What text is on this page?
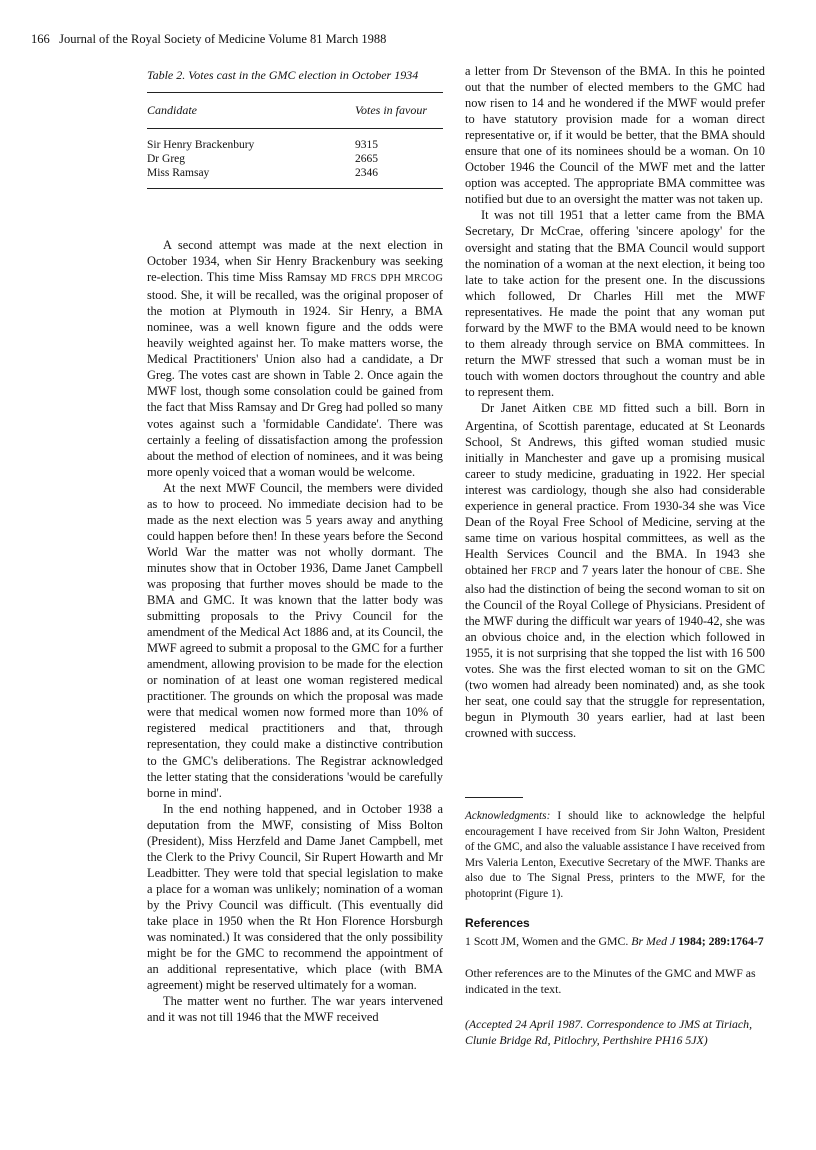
166 Journal of the Royal Society of Medicine Volume 81 March 1988
Table 2. Votes cast in the GMC election in October 1934
Candidate	Votes in favour
Sir Henry Brackenbury	9315
Dr Greg	2665
Miss Ramsay	2346

A second attempt was made at the next election in October 1934, when Sir Henry Brackenbury was seeking re-election. This time Miss Ramsay MD FRCS DPH MRCOG stood. She, it will be recalled, was the original proposer of the motion at Plymouth in 1924. Sir Henry, a BMA nominee, was a well known figure and the odds were heavily weighted against her. To make matters worse, the Medical Practitioners' Union also had a candidate, a Dr Greg. The votes cast are shown in Table 2. Once again the MWF lost, though some consolation could be gained from the fact that Miss Ramsay and Dr Greg had polled so many votes against such a 'formidable Candidate'. There was certainly a feeling of dissatisfaction among the profession about the method of election of nominees, and it was being more openly voiced that a woman would be welcome.

At the next MWF Council, the members were divided as to how to proceed. No immediate decision had to be made as the next election was 5 years away and anything could happen before then! In these years before the Second World War the matter was not wholly dormant. The minutes show that in October 1936, Dame Janet Campbell was proposing that further moves should be made to the BMA and GMC. It was known that the latter body was submitting proposals to the Privy Council for the amendment of the Medical Act 1886 and, at its Council, the MWF agreed to submit a proposal to the GMC for a further amendment, allowing provision to be made for the election or nomination of at least one woman registered medical practitioner. The grounds on which the proposal was made were that medical women now formed more than 10% of registered medical practitioners and that, through representation, they could make a distinctive contribution to the GMC's deliberations. The Registrar acknowledged the letter stating that the considerations 'would be carefully borne in mind'.

In the end nothing happened, and in October 1938 a deputation from the MWF, consisting of Miss Bolton (President), Miss Herzfeld and Dame Janet Campbell, met the Clerk to the Privy Council, Sir Rupert Howarth and Mr Leadbitter. They were told that special legislation to make a place for a woman was unlikely; nomination of a woman by the Privy Council was difficult. (This eventually did take place in 1950 when the Rt Hon Florence Horsburgh was nominated.) It was considered that the only possibility might be for the GMC to recommend the appointment of an additional representative, which place (with BMA agreement) might be reserved ultimately for a woman.

The matter went no further. The war years intervened and it was not till 1946 that the MWF received

a letter from Dr Stevenson of the BMA. In this he pointed out that the number of elected members to the GMC had now risen to 14 and he wondered if the MWF would prefer to have statutory provision made for a woman direct representative or, if it would be better, that the BMA should ensure that one of its nominees should be a woman. On 10 October 1946 the Council of the MWF met and the latter option was accepted. The appropriate BMA committee was notified but due to an oversight the matter was not taken up.

It was not till 1951 that a letter came from the BMA Secretary, Dr McCrae, offering 'sincere apology' for the oversight and stating that the BMA Council would support the nomination of a woman at the next election, it being too late to take action for the present one. In the discussions which followed, Dr Charles Hill met the MWF representatives. He made the point that any woman put forward by the MWF to the BMA would need to be known to them already through service on BMA committees. In return the MWF stressed that such a woman must be in touch with women doctors throughout the country and able to represent them.

Dr Janet Aitken CBE MD fitted such a bill. Born in Argentina, of Scottish parentage, educated at St Leonards School, St Andrews, this gifted woman studied music initially in Manchester and gave up a promising musical career to study medicine, graduating in 1922. Her special interest was cardiology, though she also had considerable experience in general practice. From 1930-34 she was Vice Dean of the Royal Free School of Medicine, serving at the same time on various hospital committees, as well as the Health Services Council and the BMA. In 1943 she obtained her FRCP and 7 years later the honour of CBE. She also had the distinction of being the second woman to sit on the Council of the Royal College of Physicians. President of the MWF during the difficult war years of 1940-42, she was an obvious choice and, in the election which followed in 1955, it is not surprising that she topped the list with 16 500 votes. She was the first elected woman to sit on the GMC (two women had already been nominated) and, as she took her seat, one could say that the struggle for representation, begun in Plymouth 30 years earlier, had at last been crowned with success.

Acknowledgments: I should like to acknowledge the helpful encouragement I have received from Sir John Walton, President of the GMC, and also the valuable assistance I have received from Mrs Valeria Lenton, Executive Secretary of the MWF. Thanks are also due to The Signal Press, printers to the MWF, for the photoprint (Figure 1).
References
1 Scott JM, Women and the GMC. Br Med J 1984; 289:1764-7
Other references are to the Minutes of the GMC and MWF as indicated in the text.
(Accepted 24 April 1987. Correspondence to JMS at Tiriach, Clunie Bridge Rd, Pitlochry, Perthshire PH16 5JX)
